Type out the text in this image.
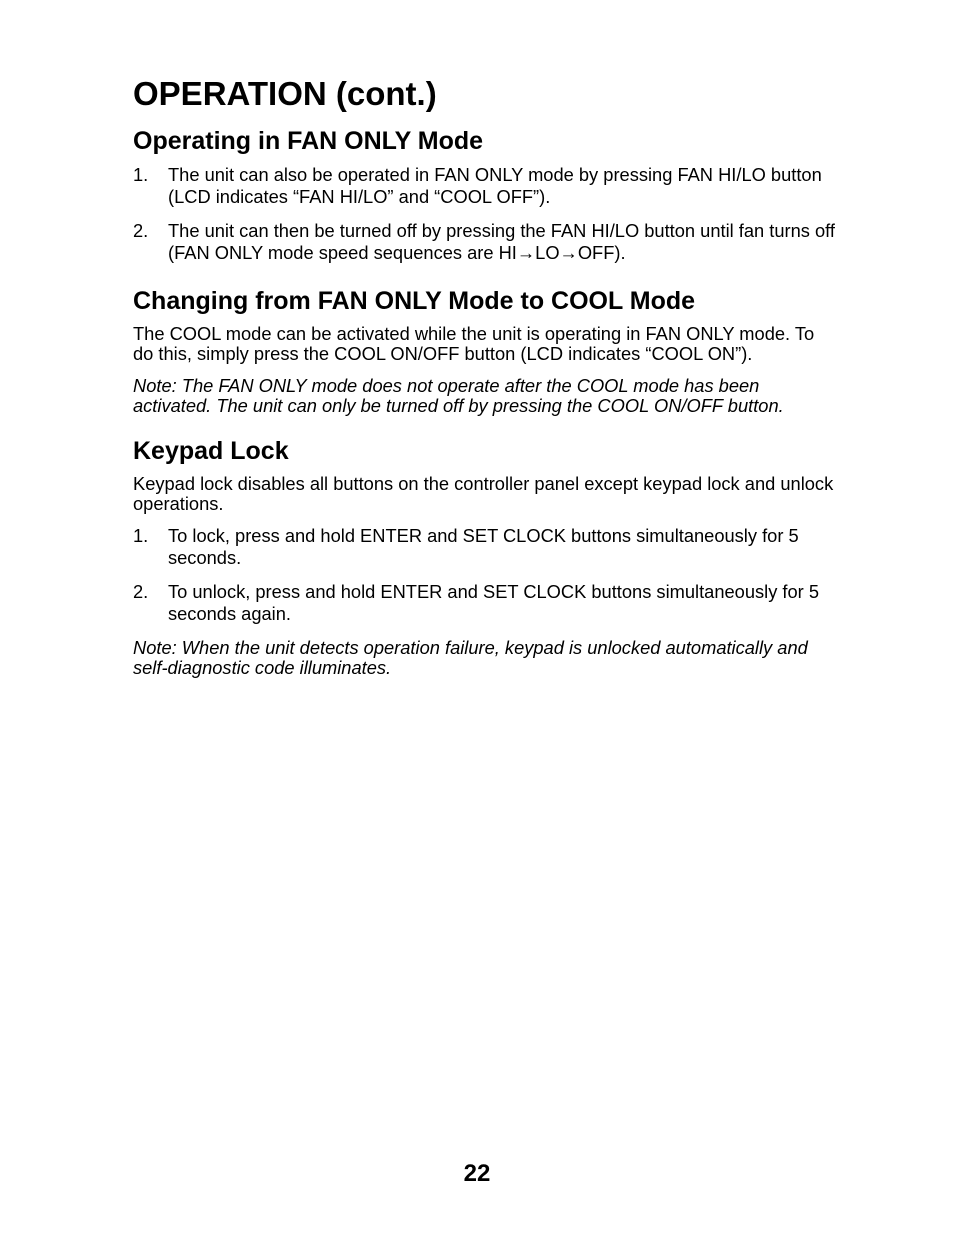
OPERATION (cont.)
Operating in FAN ONLY Mode
1. The unit can also be operated in FAN ONLY mode by pressing FAN HI/LO button (LCD indicates “FAN HI/LO” and “COOL OFF”).
2. The unit can then be turned off by pressing the FAN HI/LO button until fan turns off (FAN ONLY mode speed sequences are HI→LO→OFF).
Changing from FAN ONLY Mode to COOL Mode

The COOL mode can be activated while the unit is operating in FAN ONLY mode. To do this, simply press the COOL ON/OFF button (LCD indicates “COOL ON”).

Note: The FAN ONLY mode does not operate after the COOL mode has been activated. The unit can only be turned off by pressing the COOL ON/OFF button.

Keypad Lock

Keypad lock disables all buttons on the controller panel except keypad lock and unlock operations.

1. To lock, press and hold ENTER and SET CLOCK buttons simultaneously for 5 seconds.
2. To unlock, press and hold ENTER and SET CLOCK buttons simultaneously for 5 seconds again.

Note: When the unit detects operation failure, keypad is unlocked automatically and self-diagnostic code illuminates.

22
